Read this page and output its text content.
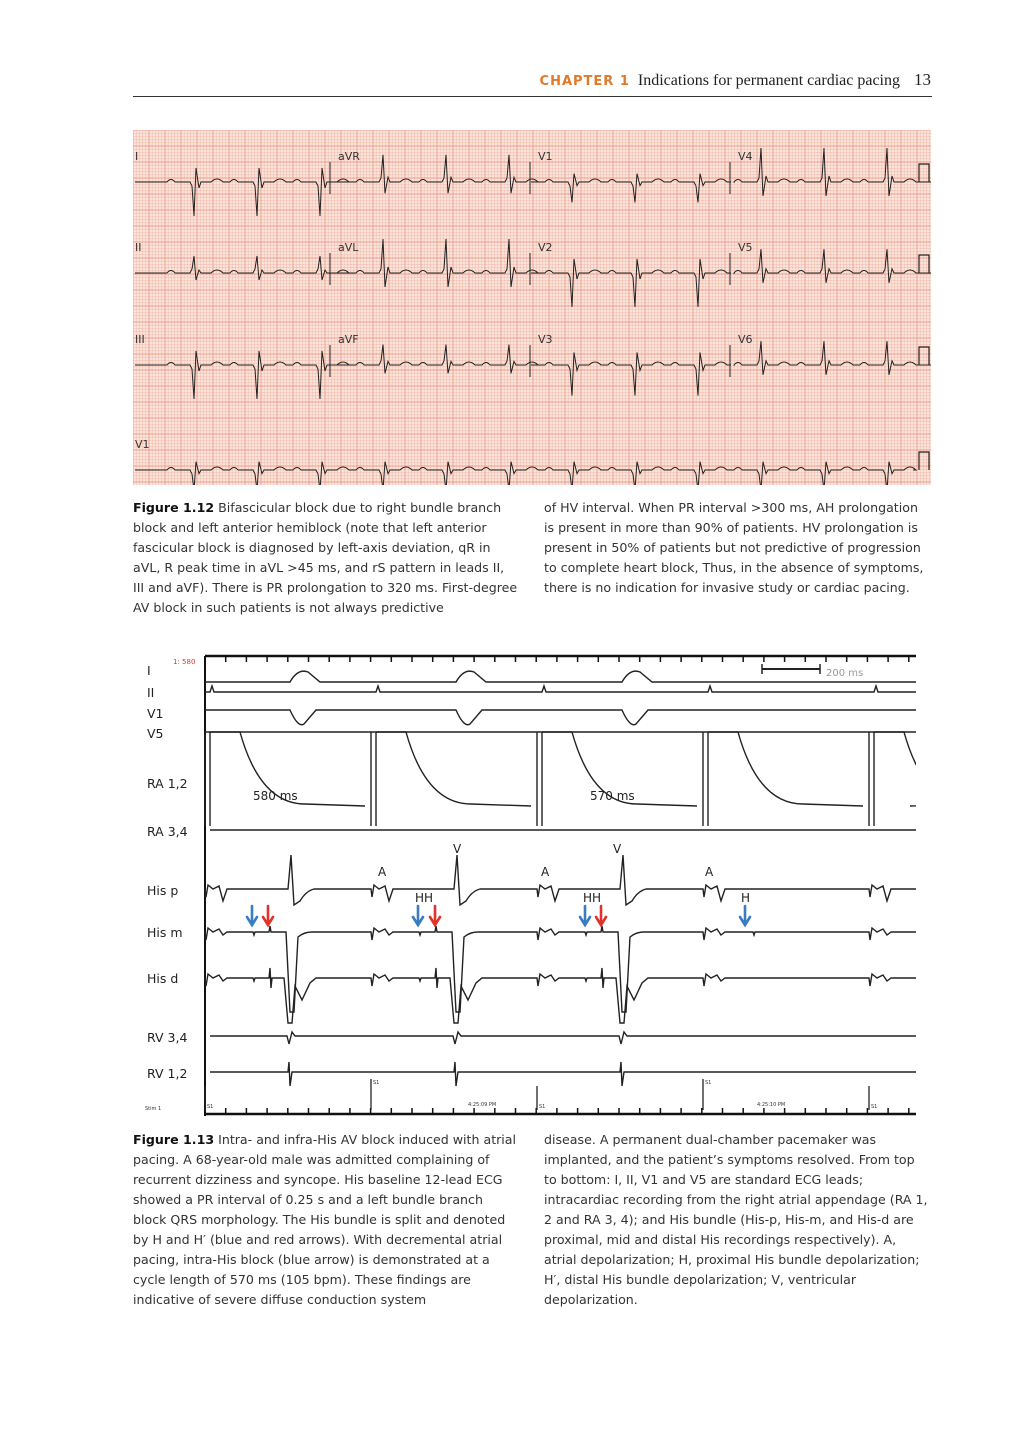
CHAPTER 1 Indications for permanent cardiac pacing 13
I	aVR	V1	V4
II	aVL	V2	V5
III	aVF	V3	V6
V1
Figure 1.12 Bifascicular block due to right bundle branch block and left anterior hemiblock (note that left anterior fascicular block is diagnosed by left-axis deviation, qR in aVL, R peak time in aVL >45 ms, and rS pattern in leads II, III and aVF). There is PR prolongation to 320 ms. First-degree AV block in such patients is not always predictive
of HV interval. When PR interval >300 ms, AH prolongation is present in more than 90% of patients. HV prolongation is present in 50% of patients but not predictive of progression to complete heart block, Thus, in the absence of symptoms, there is no indication for invasive study or cardiac pacing.
I
II
V1
V5
RA 1,2
RA 3,4
His p
His m
His d
RV 3,4
RV 1,2
S1
S1
S1
S1
S1
1: 580
200 ms
580 ms	570 ms
V	V
A	A	A
HH	HH	H
Stim 1
4:25:09 PM	4:25:10 PM
Figure 1.13 Intra- and infra-His AV block induced with atrial pacing. A 68-year-old male was admitted complaining of recurrent dizziness and syncope. His baseline 12-lead ECG showed a PR interval of 0.25 s and a left bundle branch block QRS morphology. The His bundle is split and denoted by H and H′ (blue and red arrows). With decremental atrial pacing, intra-His block (blue arrow) is demonstrated at a cycle length of 570 ms (105 bpm). These findings are indicative of severe diffuse conduction system
disease. A permanent dual-chamber pacemaker was implanted, and the patient’s symptoms resolved. From top to bottom: I, II, V1 and V5 are standard ECG leads; intracardiac recording from the right atrial appendage (RA 1, 2 and RA 3, 4); and His bundle (His-p, His-m, and His-d are proximal, mid and distal His recordings respectively). A, atrial depolarization; H, proximal His bundle depolarization; H′, distal His bundle depolarization; V, ventricular depolarization.
